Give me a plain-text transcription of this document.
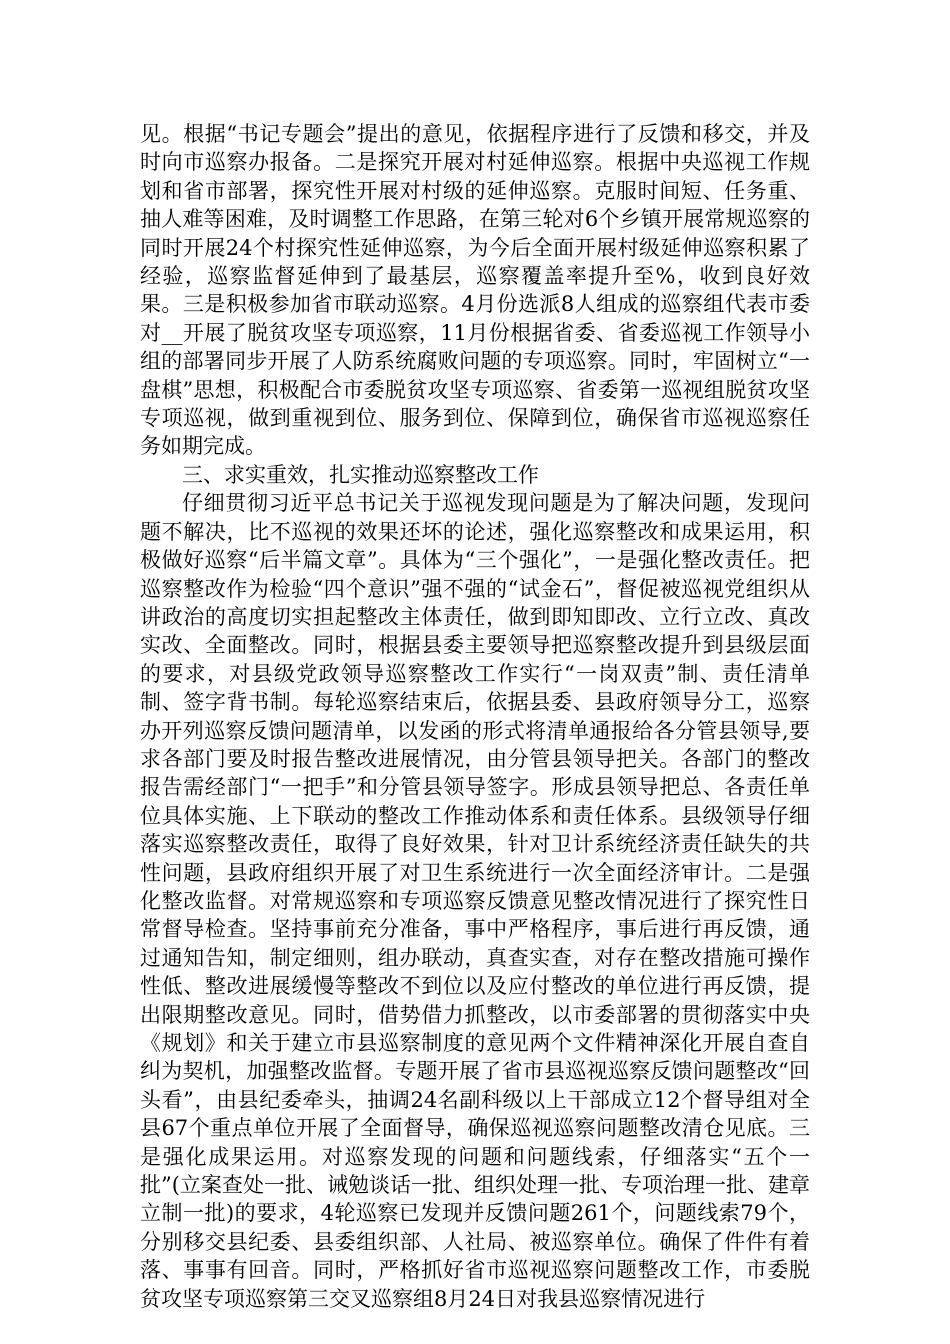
见。根据“书记专题会”提出的意见，依据程序进行了反馈和移交，并及时向市巡察办报备。二是探究开展对村延伸巡察。根据中央巡视工作规划和省市部署，探究性开展对村级的延伸巡察。克服时间短、任务重、抽人难等困难，及时调整工作思路，在第三轮对6个乡镇开展常规巡察的同时开展24个村探究性延伸巡察，为今后全面开展村级延伸巡察积累了经验，巡察监督延伸到了最基层，巡察覆盖率提升至%，收到良好效果。三是积极参加省市联动巡察。4月份选派8人组成的巡察组代表市委对__开展了脱贫攻坚专项巡察，11月份根据省委、省委巡视工作领导小组的部署同步开展了人防系统腐败问题的专项巡察。同时，牢固树立“一盘棋”思想，积极配合市委脱贫攻坚专项巡察、省委第一巡视组脱贫攻坚专项巡视，做到重视到位、服务到位、保障到位，确保省市巡视巡察任务如期完成。

三、求实重效，扎实推动巡察整改工作

仔细贯彻习近平总书记关于巡视发现问题是为了解决问题，发现问题不解决，比不巡视的效果还坏的论述，强化巡察整改和成果运用，积极做好巡察“后半篇文章”。具体为“三个强化”，一是强化整改责任。把巡察整改作为检验“四个意识”强不强的“试金石”，督促被巡视党组织从讲政治的高度切实担起整改主体责任，做到即知即改、立行立改、真改实改、全面整改。同时，根据县委主要领导把巡察整改提升到县级层面的要求，对县级党政领导巡察整改工作实行“一岗双责”制、责任清单制、签字背书制。每轮巡察结束后，依据县委、县政府领导分工，巡察办开列巡察反馈问题清单，以发函的形式将清单通报给各分管县领导,要求各部门要及时报告整改进展情况，由分管县领导把关。各部门的整改报告需经部门“一把手”和分管县领导签字。形成县领导把总、各责任单位具体实施、上下联动的整改工作推动体系和责任体系。县级领导仔细落实巡察整改责任，取得了良好效果，针对卫计系统经济责任缺失的共性问题，县政府组织开展了对卫生系统进行一次全面经济审计。二是强化整改监督。对常规巡察和专项巡察反馈意见整改情况进行了探究性日常督导检查。坚持事前充分准备，事中严格程序，事后进行再反馈，通过通知告知，制定细则，组办联动，真查实查，对存在整改措施可操作性低、整改进展缓慢等整改不到位以及应付整改的单位进行再反馈，提出限期整改意见。同时，借势借力抓整改，以市委部署的贯彻落实中央《规划》和关于建立市县巡察制度的意见两个文件精神深化开展自查自纠为契机，加强整改监督。专题开展了省市县巡视巡察反馈问题整改“回头看”，由县纪委牵头，抽调24名副科级以上干部成立12个督导组对全县67个重点单位开展了全面督导，确保巡视巡察问题整改清仓见底。三是强化成果运用。对巡察发现的问题和问题线索，仔细落实“五个一批”(立案查处一批、诫勉谈话一批、组织处理一批、专项治理一批、建章立制一批)的要求，4轮巡察已发现并反馈问题261个，问题线索79个，分别移交县纪委、县委组织部、人社局、被巡察单位。确保了件件有着落、事事有回音。同时，严格抓好省市巡视巡察问题整改工作，市委脱贫攻坚专项巡察第三交叉巡察组8月24日对我县巡察情况进行
